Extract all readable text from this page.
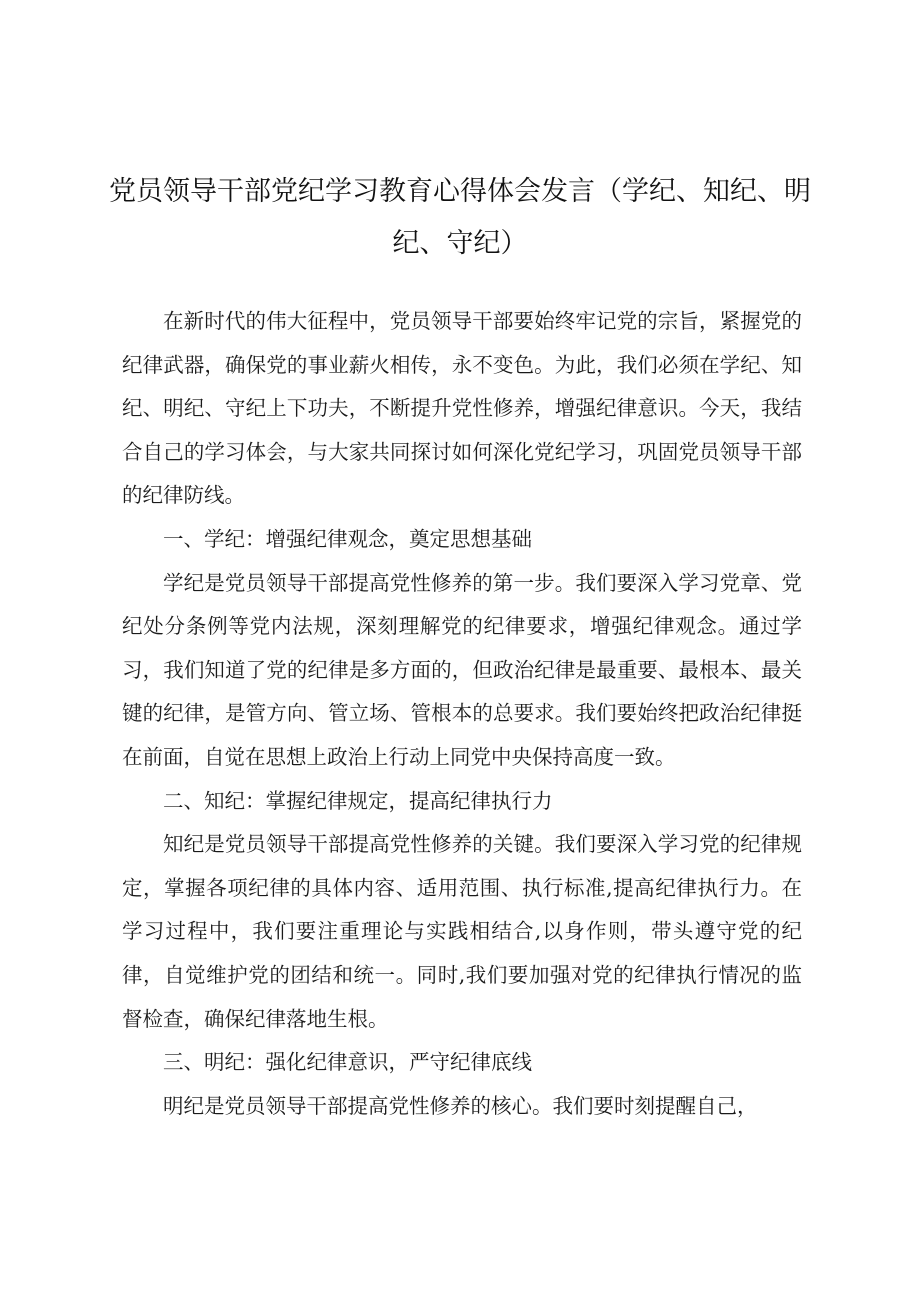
党员领导干部党纪学习教育心得体会发言（学纪、知纪、明纪、守纪）

在新时代的伟大征程中，党员领导干部要始终牢记党的宗旨，紧握党的纪律武器，确保党的事业薪火相传，永不变色。为此，我们必须在学纪、知纪、明纪、守纪上下功夫，不断提升党性修养，增强纪律意识。今天，我结合自己的学习体会，与大家共同探讨如何深化党纪学习，巩固党员领导干部的纪律防线。

一、学纪：增强纪律观念，奠定思想基础

学纪是党员领导干部提高党性修养的第一步。我们要深入学习党章、党纪处分条例等党内法规，深刻理解党的纪律要求，增强纪律观念。通过学习，我们知道了党的纪律是多方面的，但政治纪律是最重要、最根本、最关键的纪律，是管方向、管立场、管根本的总要求。我们要始终把政治纪律挺在前面，自觉在思想上政治上行动上同党中央保持高度一致。

二、知纪：掌握纪律规定，提高纪律执行力

知纪是党员领导干部提高党性修养的关键。我们要深入学习党的纪律规定，掌握各项纪律的具体内容、适用范围、执行标准,提高纪律执行力。在学习过程中，我们要注重理论与实践相结合,以身作则，带头遵守党的纪律，自觉维护党的团结和统一。同时,我们要加强对党的纪律执行情况的监督检查，确保纪律落地生根。

三、明纪：强化纪律意识，严守纪律底线

明纪是党员领导干部提高党性修养的核心。我们要时刻提醒自己，
